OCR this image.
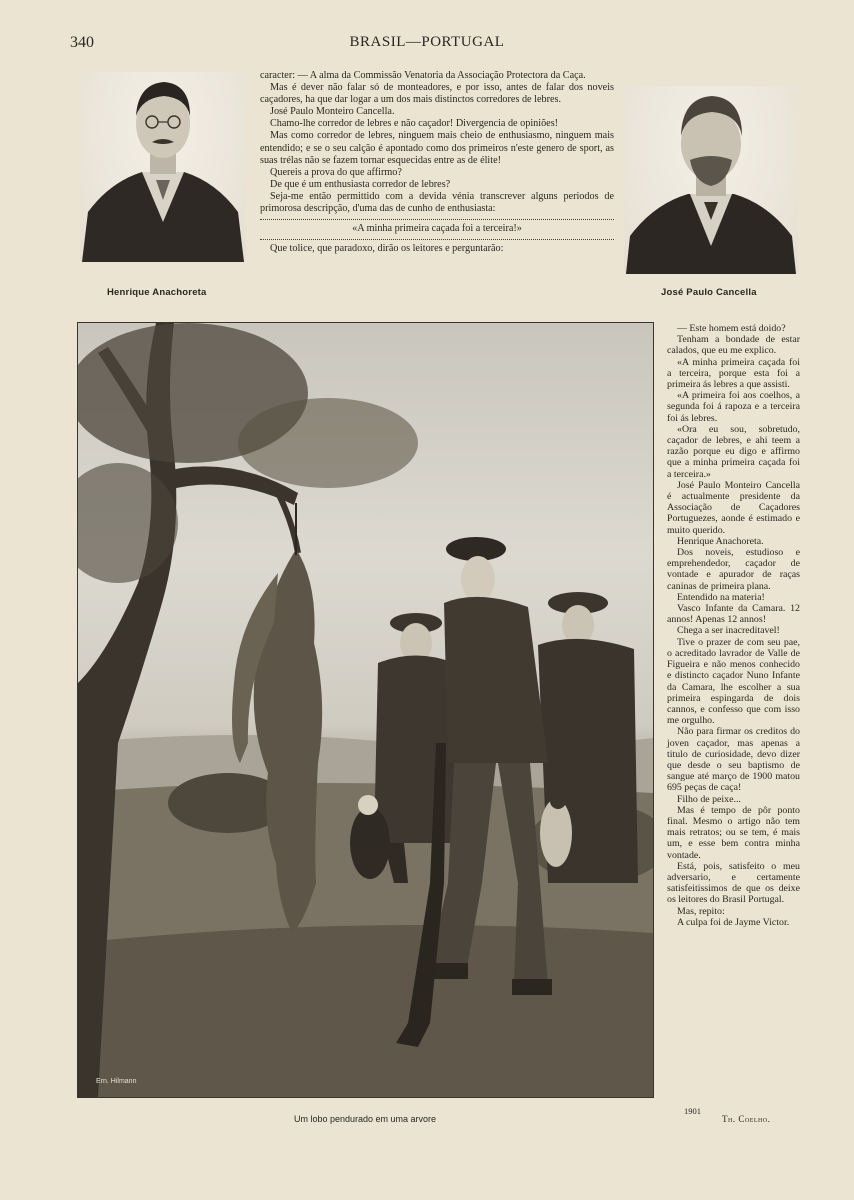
340	BRASIL—PORTUGAL
Henrique Anachoreta	José Paulo Cancella

caracter: — A alma da Commissão Venatoria da Associação Protectora da Caça.

Mas é dever não falar só de monteadores, e por isso, antes de falar dos noveis caçadores, ha que dar logar a um dos mais distinctos corredores de lebres.

José Paulo Monteiro Cancella.

Chamo-lhe corredor de lebres e não caçador! Divergencia de opiniões!

Mas como corredor de lebres, ninguem mais cheio de enthusiasmo, ninguem mais entendido; e se o seu calção é apontado como dos primeiros n'este genero de sport, as suas trélas não se fazem tornar esquecidas entre as de élite!

Quereis a prova do que affirmo?

De que é um enthusiasta corredor de lebres?

Seja-me então permittido com a devida vénia transcrever alguns periodos de primorosa descripção, d'uma das de cunho de enthusiasta:

«A minha primeira caçada foi a terceira!»

Que tolice, que paradoxo, dirão os leitores e perguntarão:

Ern. Hilmann

— Este homem está doido?

Tenham a bondade de estar calados, que eu me explico.

«A minha primeira caçada foi a terceira, porque esta foi a primeira ás lebres a que assisti.

«A primeira foi aos coelhos, a segunda foi á rapoza e a terceira foi ás lebres.

«Ora eu sou, sobretudo, caçador de lebres, e ahi teem a razão porque eu digo e affirmo que a minha primeira caçada foi a terceira.»

José Paulo Monteiro Cancella é actualmente presidente da Associação de Caçadores Portuguezes, aonde é estimado e muito querido.

Henrique Anachoreta.

Dos noveis, estudioso e emprehendedor, caçador de vontade e apurador de raças caninas de primeira plana.

Entendido na materia!

Vasco Infante da Camara. 12 annos! Apenas 12 annos!

Chega a ser inacreditavel!

Tive o prazer de com seu pae, o acreditado lavrador de Valle de Figueira e não menos conhecido e distincto caçador Nuno Infante da Camara, lhe escolher a sua primeira espingarda de dois cannos, e confesso que com isso me orgulho.

Não para firmar os creditos do joven caçador, mas apenas a titulo de curiosidade, devo dizer que desde o seu baptismo de sangue até março de 1900 matou 695 peças de caça!

Filho de peixe...

Mas é tempo de pôr ponto final. Mesmo o artigo não tem mais retratos; ou se tem, é mais um, e esse bem contra minha vontade.

Está, pois, satisfeito o meu adversario, e certamente satisfeitissimos de que os deixe os leitores do Brasil Portugal.

Mas, repito:

A culpa foi de Jayme Victor.

Um lobo pendurado em uma arvore
1901
Th. Coelho.
